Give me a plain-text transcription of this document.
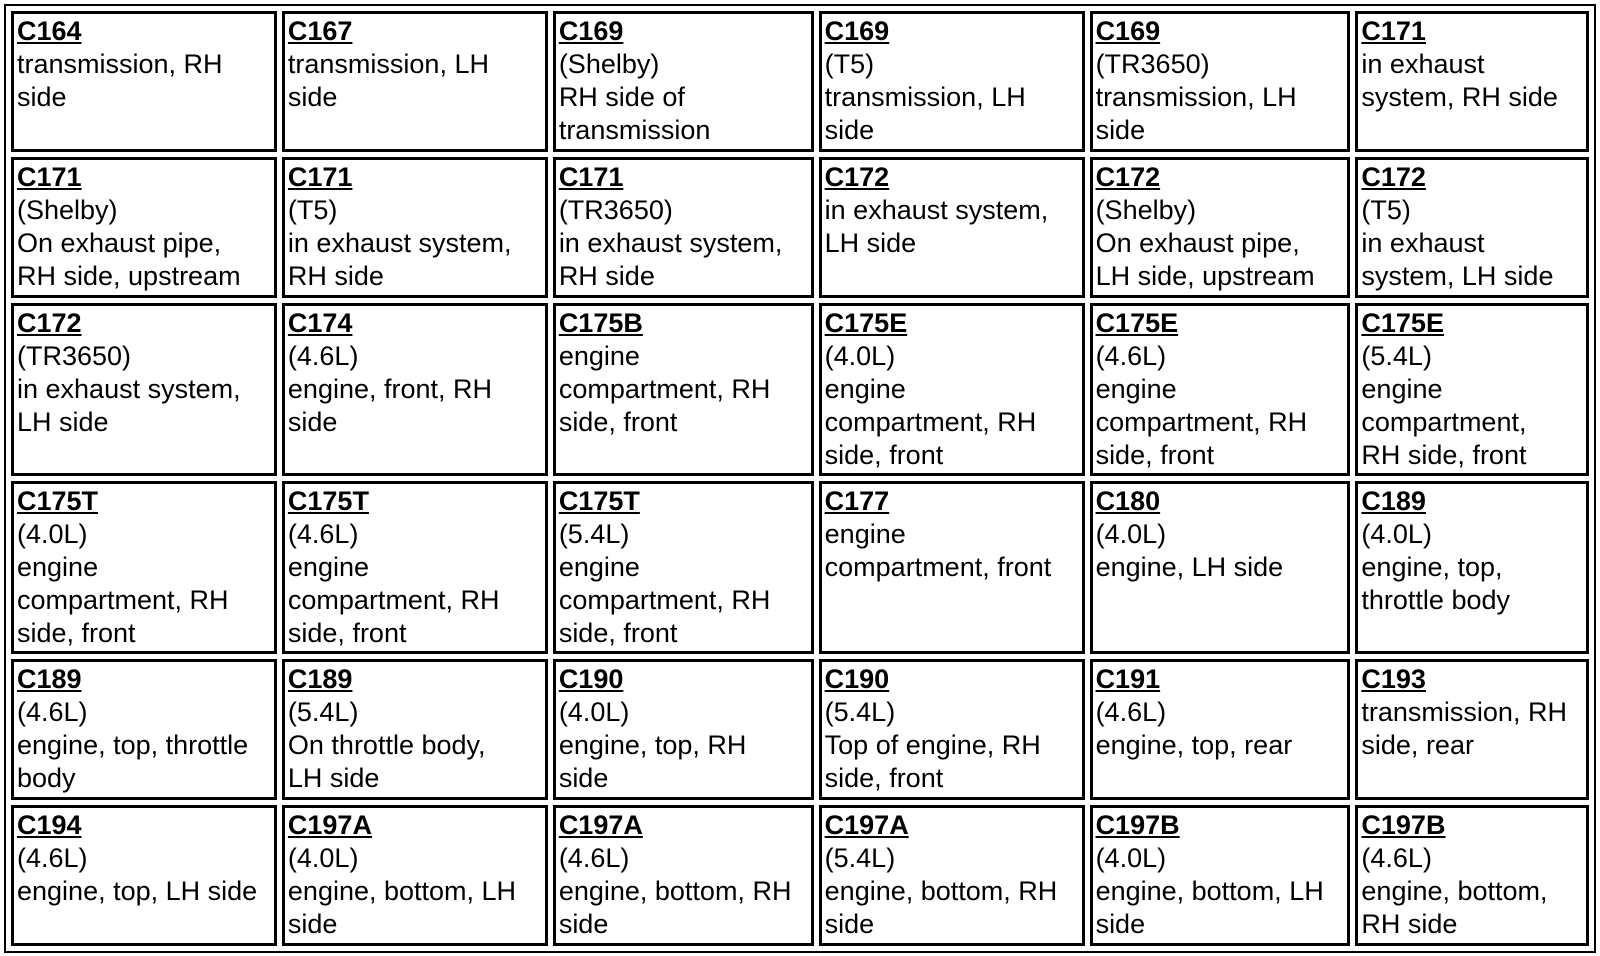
C164
transmission, RH
side	C167
transmission, LH
side	C169
(Shelby)
RH side of
transmission	C169
(T5)
transmission, LH
side	C169
(TR3650)
transmission, LH
side	C171
in exhaust
system, RH side

C171
(Shelby)
On exhaust pipe,
RH side, upstream	C171
(T5)
in exhaust system,
RH side	C171
(TR3650)
in exhaust system,
RH side	C172
in exhaust system,
LH side	C172
(Shelby)
On exhaust pipe,
LH side, upstream	C172
(T5)
in exhaust
system, LH side

C172
(TR3650)
in exhaust system,
LH side	C174
(4.6L)
engine, front, RH
side	C175B
engine
compartment, RH
side, front	C175E
(4.0L)
engine
compartment, RH
side, front	C175E
(4.6L)
engine
compartment, RH
side, front	C175E
(5.4L)
engine
compartment,
RH side, front

C175T
(4.0L)
engine
compartment, RH
side, front	C175T
(4.6L)
engine
compartment, RH
side, front	C175T
(5.4L)
engine
compartment, RH
side, front	C177
engine
compartment, front	C180
(4.0L)
engine, LH side	C189
(4.0L)
engine, top,
throttle body

C189
(4.6L)
engine, top, throttle
body	C189
(5.4L)
On throttle body,
LH side	C190
(4.0L)
engine, top, RH
side	C190
(5.4L)
Top of engine, RH
side, front	C191
(4.6L)
engine, top, rear	C193
transmission, RH
side, rear

C194
(4.6L)
engine, top, LH side	C197A
(4.0L)
engine, bottom, LH
side	C197A
(4.6L)
engine, bottom, RH
side	C197A
(5.4L)
engine, bottom, RH
side	C197B
(4.0L)
engine, bottom, LH
side	C197B
(4.6L)
engine, bottom,
RH side
